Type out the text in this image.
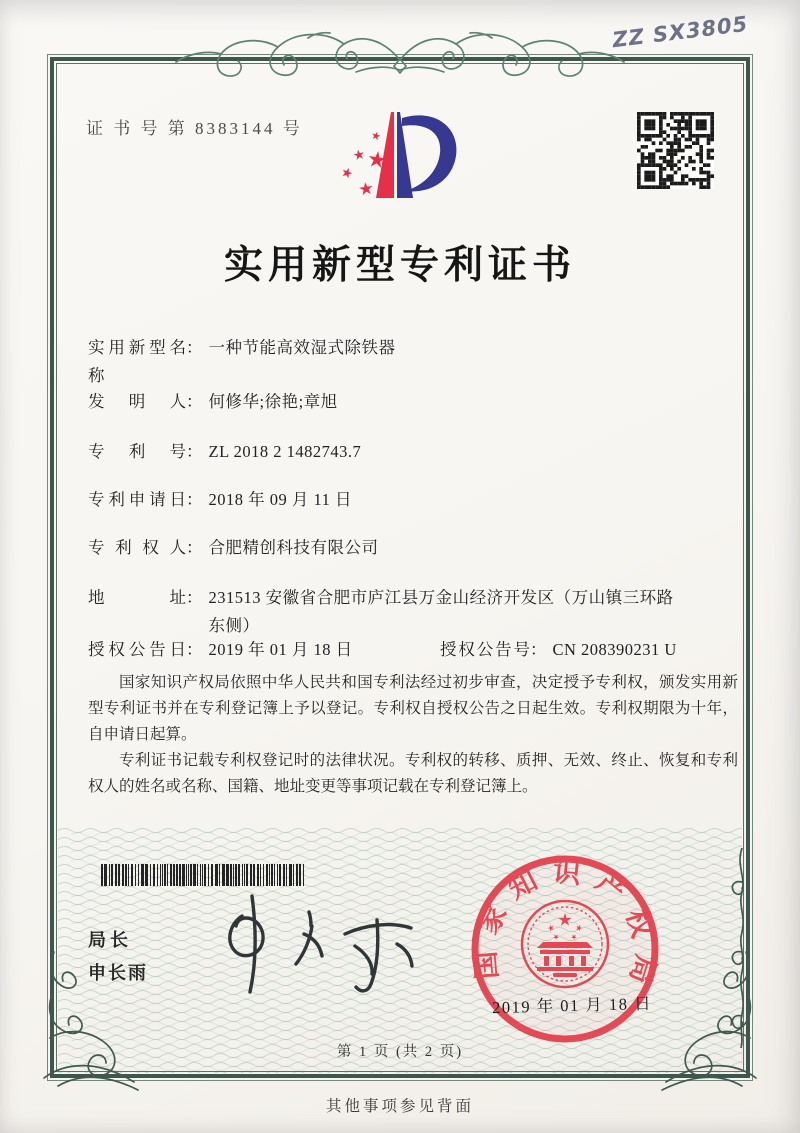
ZZ SX3805
证 书 号 第 8383144 号
实用新型专利证书
实用新型名称： 一种节能高效湿式除铁器
发明人： 何修华;徐艳;章旭
专利号： ZL 2018 2 1482743.7
专利申请日： 2018 年 09 月 11 日
专利权人： 合肥精创科技有限公司
地址： 231513 安徽省合肥市庐江县万金山经济开发区（万山镇三环路东侧）
授权公告日： 2019 年 01 月 18 日	授权公告号： CN 208390231 U

国家知识产权局依照中华人民共和国专利法经过初步审查，决定授予专利权，颁发实用新型专利证书并在专利登记簿上予以登记。专利权自授权公告之日起生效。专利权期限为十年，自申请日起算。

专利证书记载专利权登记时的法律状况。专利权的转移、质押、无效、终止、恢复和专利权人的姓名或名称、国籍、地址变更等事项记载在专利登记簿上。

局长
申长雨	国家知识产权局
2019 年 01 月 18 日
第 1 页 (共 2 页)
其他事项参见背面
